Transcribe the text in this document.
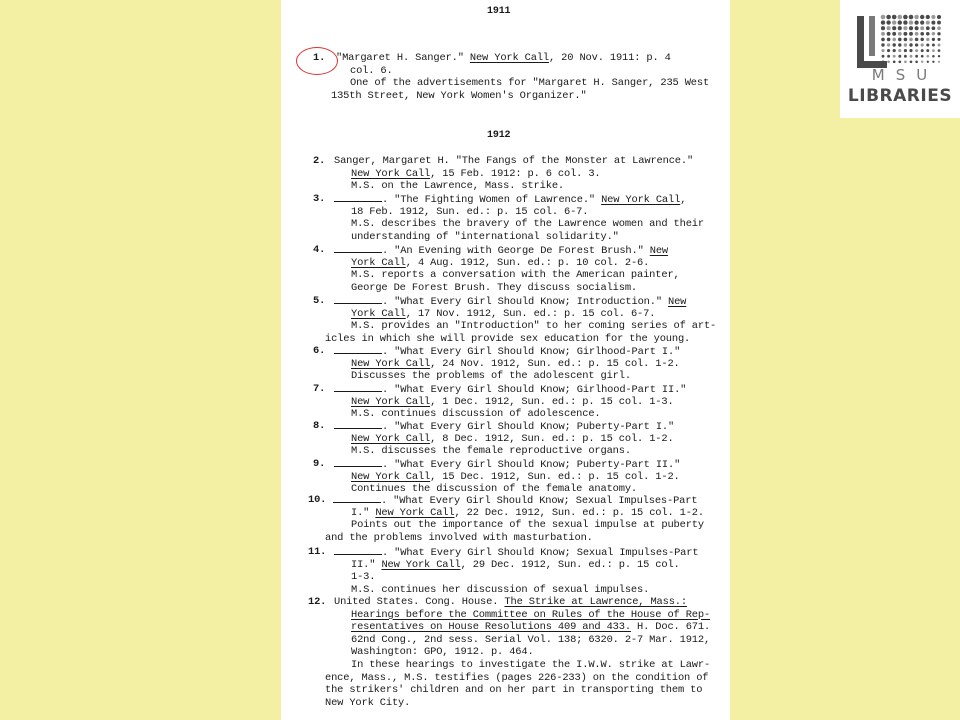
1911
1912
1. "Margaret H. Sanger." New York Call, 20 Nov. 1911: p. 4
col. 6.
One of the advertisements for "Margaret H. Sanger, 235 West
135th Street, New York Women's Organizer."
2. Sanger, Margaret H. "The Fangs of the Monster at Lawrence."
New York Call, 15 Feb. 1912: p. 6 col. 3.
M.S. on the Lawrence, Mass. strike.
3.	. "The Fighting Women of Lawrence." New York Call,
18 Feb. 1912, Sun. ed.: p. 15 col. 6-7.
M.S. describes the bravery of the Lawrence women and their
understanding of "international solidarity."
4.	. "An Evening with George De Forest Brush." New
York Call, 4 Aug. 1912, Sun. ed.: p. 10 col. 2-6.
M.S. reports a conversation with the American painter,
George De Forest Brush. They discuss socialism.
5.	. "What Every Girl Should Know; Introduction." New
York Call, 17 Nov. 1912, Sun. ed.: p. 15 col. 6-7.
M.S. provides an "Introduction" to her coming series of art-
icles in which she will provide sex education for the young.
6.	. "What Every Girl Should Know; Girlhood-Part I."
New York Call, 24 Nov. 1912, Sun. ed.: p. 15 col. 1-2.
Discusses the problems of the adolescent girl.
7.	. "What Every Girl Should Know; Girlhood-Part II."
New York Call, 1 Dec. 1912, Sun. ed.: p. 15 col. 1-3.
M.S. continues discussion of adolescence.
8.	. "What Every Girl Should Know; Puberty-Part I."
New York Call, 8 Dec. 1912, Sun. ed.: p. 15 col. 1-2.
M.S. discusses the female reproductive organs.
9.	. "What Every Girl Should Know; Puberty-Part II."
New York Call, 15 Dec. 1912, Sun. ed.: p. 15 col. 1-2.
Continues the discussion of the female anatomy.
10.	. "What Every Girl Should Know; Sexual Impulses-Part
I." New York Call, 22 Dec. 1912, Sun. ed.: p. 15 col. 1-2.
Points out the importance of the sexual impulse at puberty
and the problems involved with masturbation.
11.	. "What Every Girl Should Know; Sexual Impulses-Part
II." New York Call, 29 Dec. 1912, Sun. ed.: p. 15 col.
1-3.
M.S. continues her discussion of sexual impulses.
12. United States. Cong. House. The Strike at Lawrence, Mass.:
Hearings before the Committee on Rules of the House of Rep-
resentatives on House Resolutions 409 and 433. H. Doc. 671.
62nd Cong., 2nd sess. Serial Vol. 138; 6320. 2-7 Mar. 1912,
Washington: GPO, 1912. p. 464.
In these hearings to investigate the I.W.W. strike at Lawr-
ence, Mass., M.S. testifies (pages 226-233) on the condition of
the strikers' children and on her part in transporting them to
New York City.
MSU
LIBRARIES
